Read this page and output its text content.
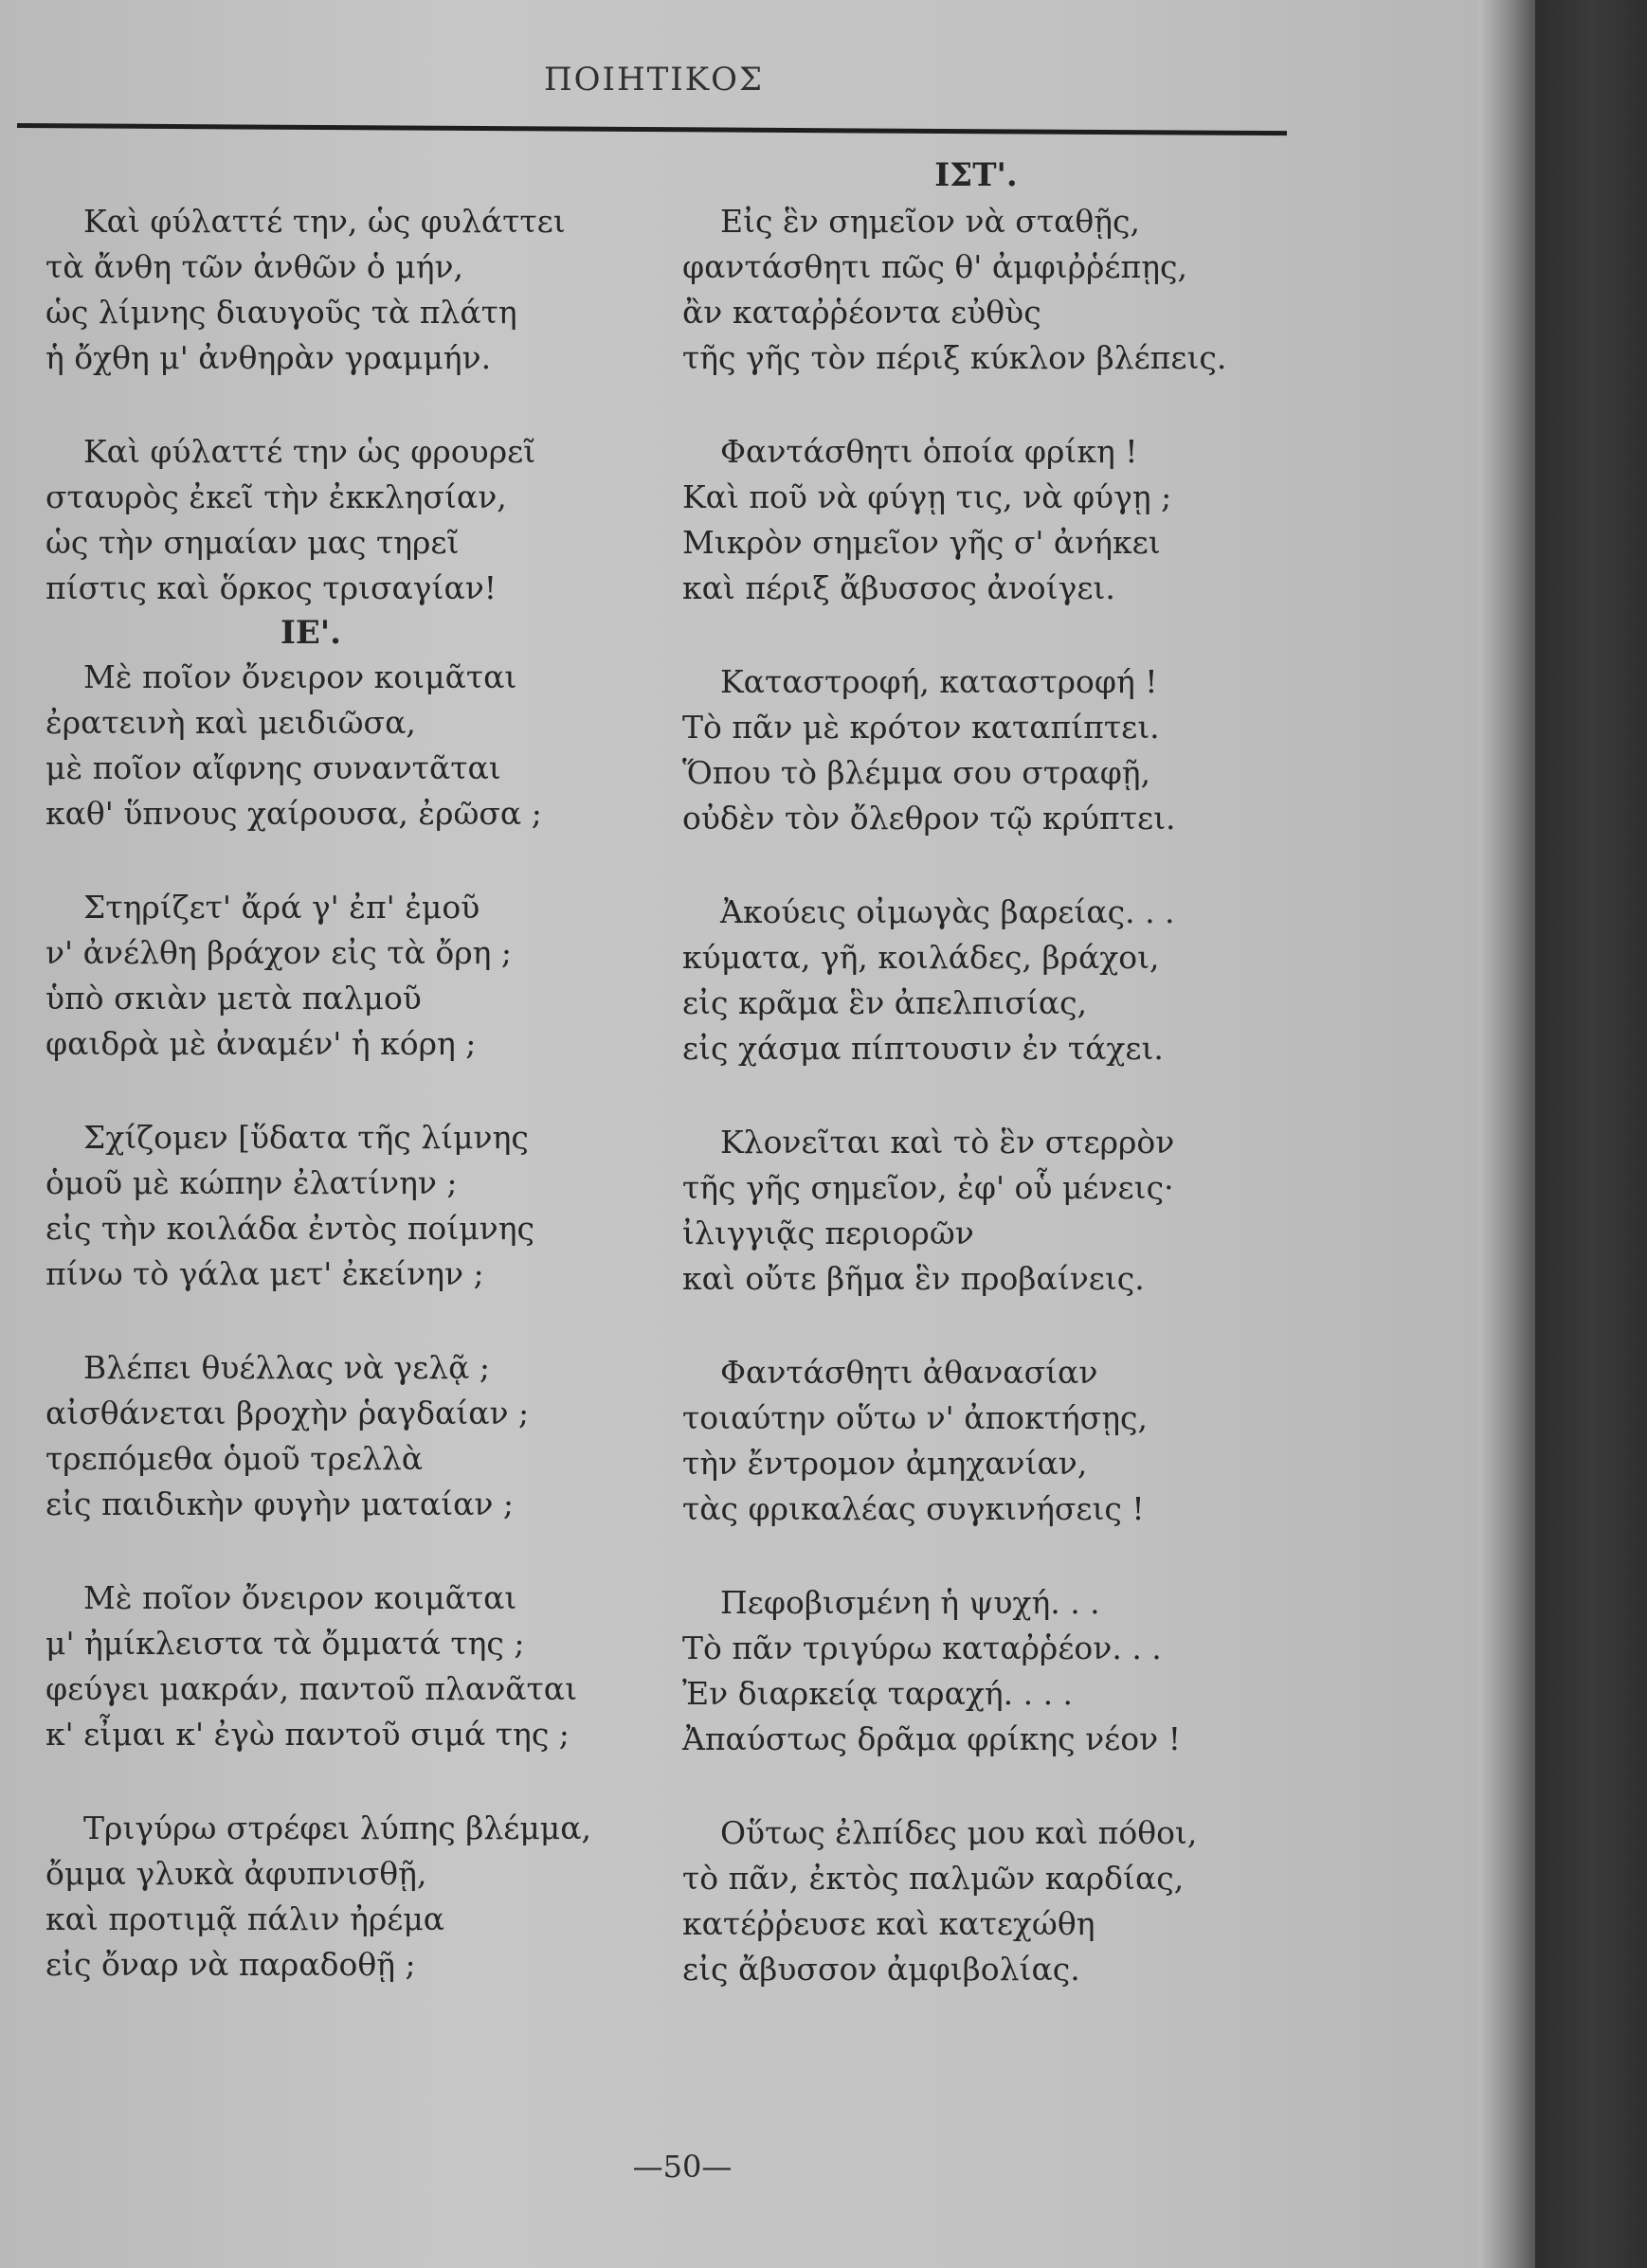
ΠΟΙΗΤΙΚΟΣ
Καὶ φύλαττέ την, ὡς φυλάττει
τὰ ἄνθη τῶν ἀνθῶν ὁ μήν,
ὡς λίμνης διαυγοῦς τὰ πλάτη
ἡ ὄχθη μ' ἀνθηρὰν γραμμήν.
Καὶ φύλαττέ την ὡς φρουρεῖ
σταυρὸς ἐκεῖ τὴν ἐκκλησίαν,
ὡς τὴν σημαίαν μας τηρεῖ
πίστις καὶ ὅρκος τρισαγίαν!
ΙΕ'.
Μὲ ποῖον ὄνειρον κοιμᾶται
ἐρατεινὴ καὶ μειδιῶσα,
μὲ ποῖον αἴφνης συναντᾶται
καθ' ὕπνους χαίρουσα, ἐρῶσα ;
Στηρίζετ' ἄρά γ' ἐπ' ἐμοῦ
ν' ἀνέλθη βράχον εἰς τὰ ὄρη ;
ὑπὸ σκιὰν μετὰ παλμοῦ
φαιδρὰ μὲ ἀναμέν' ἡ κόρη ;
Σχίζομεν [ὕδατα τῆς λίμνης
ὁμοῦ μὲ κώπην ἐλατίνην ;
εἰς τὴν κοιλάδα ἐντὸς ποίμνης
πίνω τὸ γάλα μετ' ἐκείνην ;
Βλέπει θυέλλας νὰ γελᾷ ;
αἰσθάνεται βροχὴν ῥαγδαίαν ;
τρεπόμεθα ὁμοῦ τρελλὰ
εἰς παιδικὴν φυγὴν ματαίαν ;
Μὲ ποῖον ὄνειρον κοιμᾶται
μ' ἠμίκλειστα τὰ ὄμματά της ;
φεύγει μακράν, παντοῦ πλανᾶται
κ' εἶμαι κ' ἐγὼ παντοῦ σιμά της ;
Τριγύρω στρέφει λύπης βλέμμα,
ὄμμα γλυκὰ ἀφυπνισθῇ,
καὶ προτιμᾷ πάλιν ἠρέμα
εἰς ὄναρ νὰ παραδοθῇ ;
ΙΣΤ'.
Εἰς ἓν σημεῖον νὰ σταθῇς,
φαντάσθητι πῶς θ' ἀμφιῤῥέπῃς,
ἂν καταῤῥέοντα εὐθὺς
τῆς γῆς τὸν πέριξ κύκλον βλέπεις.
Φαντάσθητι ὁποία φρίκη !
Καὶ ποῦ νὰ φύγῃ τις, νὰ φύγῃ ;
Μικρὸν σημεῖον γῆς σ' ἀνήκει
καὶ πέριξ ἄβυσσος ἀνοίγει.
Καταστροφή, καταστροφή !
Τὸ πᾶν μὲ κρότον καταπίπτει.
Ὅπου τὸ βλέμμα σου στραφῇ,
οὐδὲν τὸν ὄλεθρον τῷ κρύπτει.
Ἀκούεις οἰμωγὰς βαρείας. . .
κύματα, γῆ, κοιλάδες, βράχοι,
εἰς κρᾶμα ἓν ἀπελπισίας,
εἰς χάσμα πίπτουσιν ἐν τάχει.
Κλονεῖται καὶ τὸ ἓν στερρὸν
τῆς γῆς σημεῖον, ἐφ' οὗ μένεις·
ἰλιγγιᾷς περιορῶν
καὶ οὔτε βῆμα ἓν προβαίνεις.
Φαντάσθητι ἀθανασίαν
τοιαύτην οὕτω ν' ἀποκτήσῃς,
τὴν ἔντρομον ἀμηχανίαν,
τὰς φρικαλέας συγκινήσεις !
Πεφοβισμένη ἡ ψυχή. . .
Τὸ πᾶν τριγύρω καταῤῥέον. . .
Ἐν διαρκείᾳ ταραχή. . . .
Ἀπαύστως δρᾶμα φρίκης νέον !
Οὕτως ἐλπίδες μου καὶ πόθοι,
τὸ πᾶν, ἐκτὸς παλμῶν καρδίας,
κατέῤῥευσε καὶ κατεχώθη
εἰς ἄβυσσον ἀμφιβολίας.
—50—
